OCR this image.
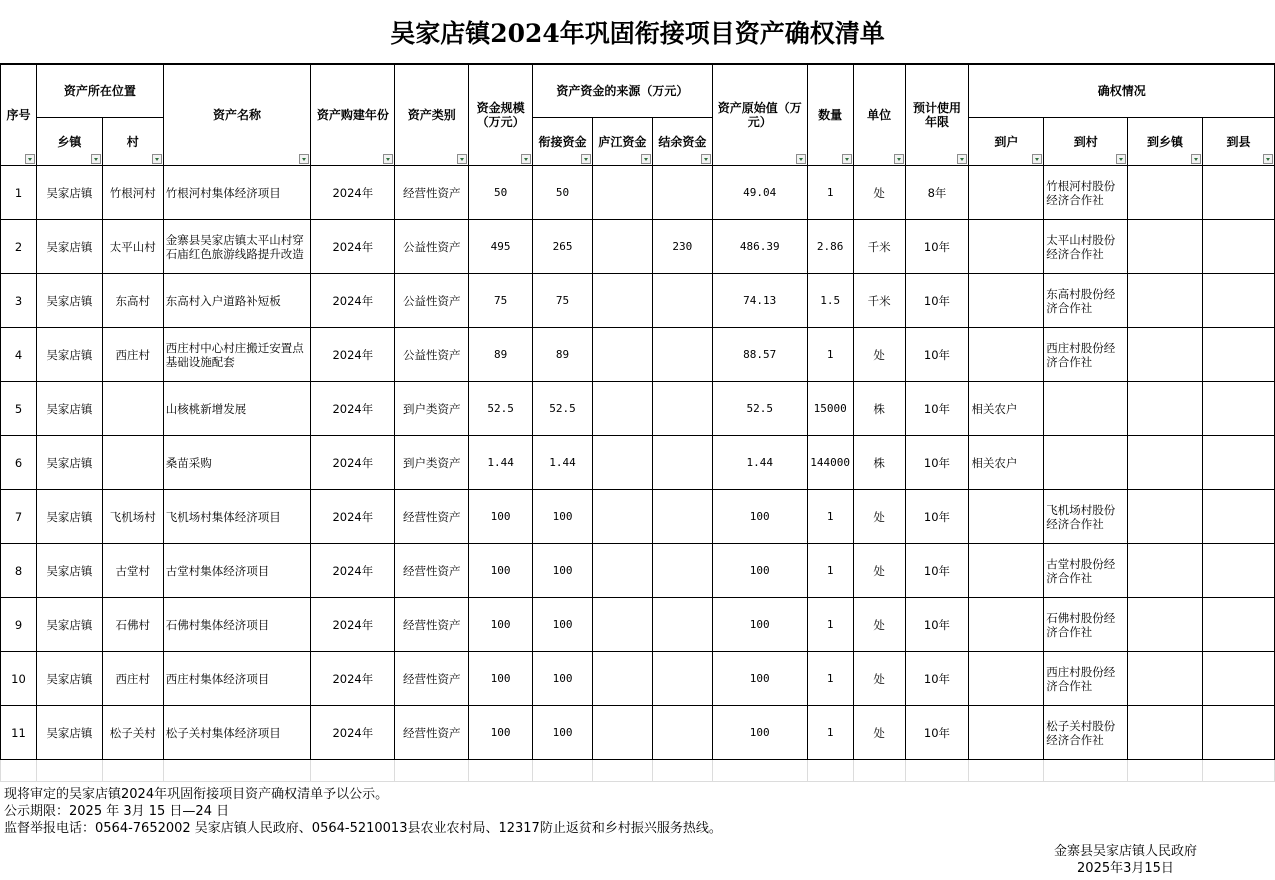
吴家店镇2024年巩固衔接项目资产确权清单
序号	资产所在位置		资产名称	资产购建年份	资产类别	资金规模（万元）	资产资金的来源（万元）			资产原始值（万元）	数量	单位	预计使用年限	确权情况			
	乡镇	村					衔接资金	庐江资金	结余资金					到户	到村	到乡镇	到县

1	吴家店镇	竹根河村	竹根河村集体经济项目	2024年	经营性资产	50	50			49.04	1	处	8年		竹根河村股份经济合作社		
2	吴家店镇	太平山村	金寨县吴家店镇太平山村穿石庙红色旅游线路提升改造	2024年	公益性资产	495	265		230	486.39	2.86	千米	10年		太平山村股份经济合作社		
3	吴家店镇	东高村	东高村入户道路补短板	2024年	公益性资产	75	75			74.13	1.5	千米	10年		东高村股份经济合作社		
4	吴家店镇	西庄村	西庄村中心村庄搬迁安置点基础设施配套	2024年	公益性资产	89	89			88.57	1	处	10年		西庄村股份经济合作社		
5	吴家店镇		山核桃新增发展	2024年	到户类资产	52.5	52.5			52.5	15000	株	10年	相关农户			
6	吴家店镇		桑苗采购	2024年	到户类资产	1.44	1.44			1.44	144000	株	10年	相关农户			
7	吴家店镇	飞机场村	飞机场村集体经济项目	2024年	经营性资产	100	100			100	1	处	10年		飞机场村股份经济合作社		
8	吴家店镇	古堂村	古堂村集体经济项目	2024年	经营性资产	100	100			100	1	处	10年		古堂村股份经济合作社		
9	吴家店镇	石佛村	石佛村集体经济项目	2024年	经营性资产	100	100			100	1	处	10年		石佛村股份经济合作社		
10	吴家店镇	西庄村	西庄村集体经济项目	2024年	经营性资产	100	100			100	1	处	10年		西庄村股份经济合作社		
11	吴家店镇	松子关村	松子关村集体经济项目	2024年	经营性资产	100	100			100	1	处	10年		松子关村股份经济合作社		

现将审定的吴家店镇2024年巩固衔接项目资产确权清单予以公示。
公示期限：2025 年 3月 15 日—24 日
监督举报电话：0564-7652002 吴家店镇人民政府、0564-5210013县农业农村局、12317防止返贫和乡村振兴服务热线。
金寨县吴家店镇人民政府
2025年3月15日
